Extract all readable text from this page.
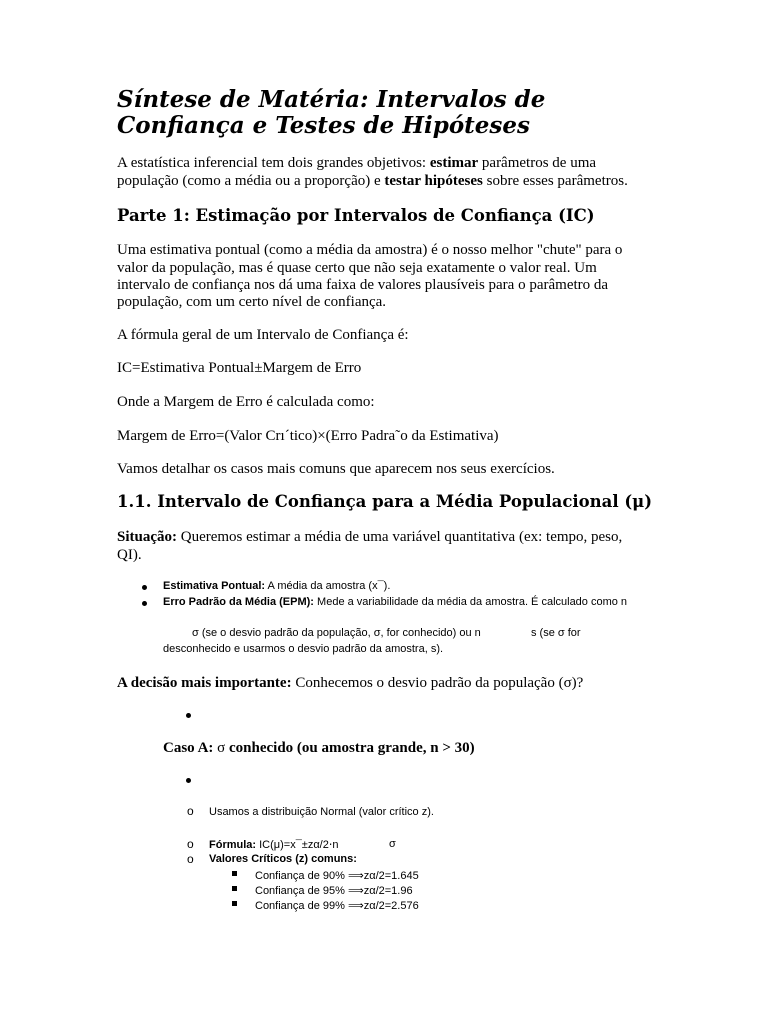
Síntese de Matéria: Intervalos de
Confiança e Testes de Hipóteses
A estatística inferencial tem dois grandes objetivos: estimar parâmetros de uma
população (como a média ou a proporção) e testar hipóteses sobre esses parâmetros.
Parte 1: Estimação por Intervalos de Confiança (IC)
Uma estimativa pontual (como a média da amostra) é o nosso melhor "chute" para o
valor da população, mas é quase certo que não seja exatamente o valor real. Um
intervalo de confiança nos dá uma faixa de valores plausíveis para o parâmetro da
população, com um certo nível de confiança.
A fórmula geral de um Intervalo de Confiança é:
IC=Estimativa Pontual±Margem de Erro
Onde a Margem de Erro é calculada como:
Margem de Erro=(Valor Crı´tico)×(Erro Padra˜o da Estimativa)
Vamos detalhar os casos mais comuns que aparecem nos seus exercícios.
1.1. Intervalo de Confiança para a Média Populacional (μ)
Situação: Queremos estimar a média de uma variável quantitativa (ex: tempo, peso,
QI).
Estimativa Pontual: A média da amostra (x¯).
Erro Padrão da Média (EPM): Mede a variabilidade da média da amostra. É calculado como n
σ (se o desvio padrão da população, σ, for conhecido) ou n	s (se σ for
desconhecido e usarmos o desvio padrão da amostra, s).
A decisão mais importante: Conhecemos o desvio padrão da população (σ)?
Caso A: σ conhecido (ou amostra grande, n > 30)
o Usamos a distribuição Normal (valor crítico z).
o Fórmula: IC(μ)=x¯±zα/2⋅n	σ
o Valores Críticos (z) comuns:
Confiança de 90% ⟹zα/2=1.645
Confiança de 95% ⟹zα/2=1.96
Confiança de 99% ⟹zα/2=2.576
